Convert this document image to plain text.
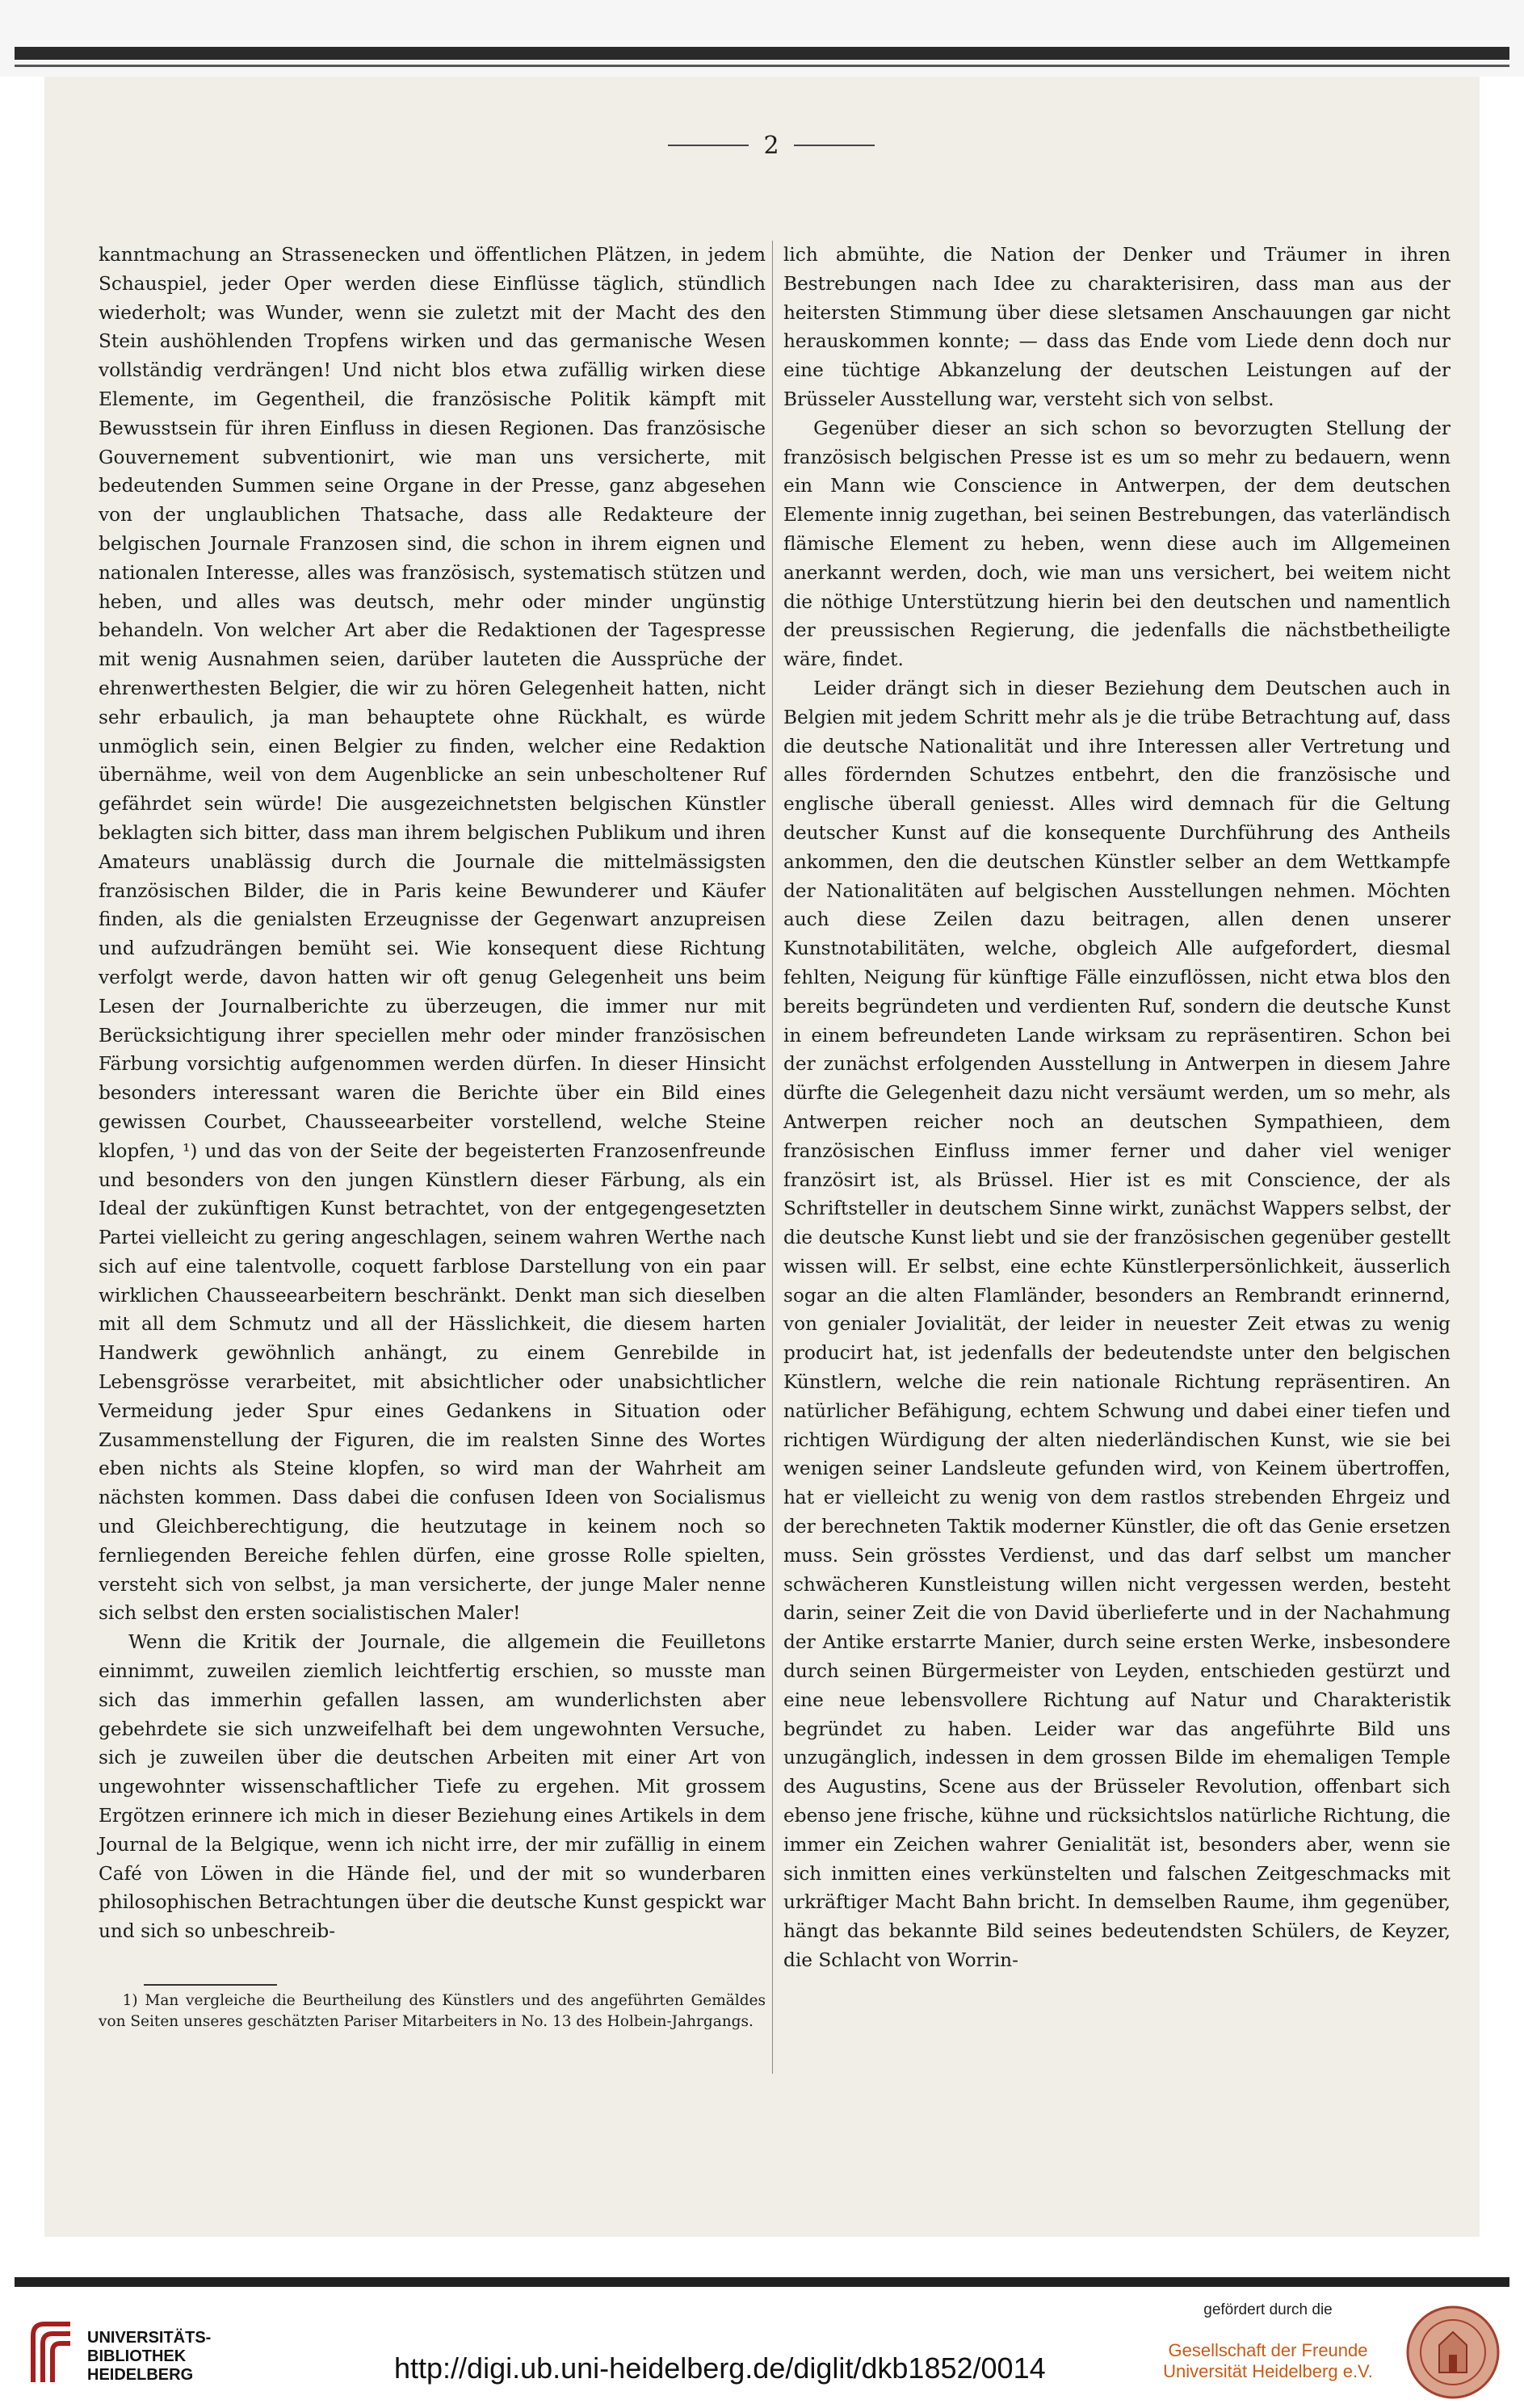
2

kanntmachung an Strassenecken und öffentlichen Plätzen, in jedem Schauspiel, jeder Oper werden diese Einflüsse täglich, stündlich wiederholt; was Wunder, wenn sie zuletzt mit der Macht des den Stein aushöhlenden Tropfens wirken und das germanische Wesen vollständig verdrängen! Und nicht blos etwa zufällig wirken diese Elemente, im Gegentheil, die französische Politik kämpft mit Bewusstsein für ihren Einfluss in diesen Regionen. Das französische Gouvernement subventionirt, wie man uns versicherte, mit bedeutenden Summen seine Organe in der Presse, ganz abgesehen von der unglaublichen Thatsache, dass alle Redakteure der belgischen Journale Franzosen sind, die schon in ihrem eignen und nationalen Interesse, alles was französisch, systematisch stützen und heben, und alles was deutsch, mehr oder minder ungünstig behandeln. Von welcher Art aber die Redaktionen der Tagespresse mit wenig Ausnahmen seien, darüber lauteten die Aussprüche der ehrenwerthesten Belgier, die wir zu hören Gelegenheit hatten, nicht sehr erbaulich, ja man behauptete ohne Rückhalt, es würde unmöglich sein, einen Belgier zu finden, welcher eine Redaktion übernähme, weil von dem Augenblicke an sein unbescholtener Ruf gefährdet sein würde! Die ausgezeichnetsten belgischen Künstler beklagten sich bitter, dass man ihrem belgischen Publikum und ihren Amateurs unablässig durch die Journale die mittelmässigsten französischen Bilder, die in Paris keine Bewunderer und Käufer finden, als die genialsten Erzeugnisse der Gegenwart anzupreisen und aufzudrängen bemüht sei. Wie konsequent diese Richtung verfolgt werde, davon hatten wir oft genug Gelegenheit uns beim Lesen der Journalberichte zu überzeugen, die immer nur mit Berücksichtigung ihrer speciellen mehr oder minder französischen Färbung vorsichtig aufgenommen werden dürfen. In dieser Hinsicht besonders interessant waren die Berichte über ein Bild eines gewissen Courbet, Chausseearbeiter vorstellend, welche Steine klopfen, ¹) und das von der Seite der begeisterten Franzosenfreunde und besonders von den jungen Künstlern dieser Färbung, als ein Ideal der zukünftigen Kunst betrachtet, von der entgegengesetzten Partei vielleicht zu gering angeschlagen, seinem wahren Werthe nach sich auf eine talentvolle, coquett farblose Darstellung von ein paar wirklichen Chausseearbeitern beschränkt. Denkt man sich dieselben mit all dem Schmutz und all der Hässlichkeit, die diesem harten Handwerk gewöhnlich anhängt, zu einem Genrebilde in Lebensgrösse verarbeitet, mit absichtlicher oder unabsichtlicher Vermeidung jeder Spur eines Gedankens in Situation oder Zusammenstellung der Figuren, die im realsten Sinne des Wortes eben nichts als Steine klopfen, so wird man der Wahrheit am nächsten kommen. Dass dabei die confusen Ideen von Socialismus und Gleichberechtigung, die heutzutage in keinem noch so fernliegenden Bereiche fehlen dürfen, eine grosse Rolle spielten, versteht sich von selbst, ja man versicherte, der junge Maler nenne sich selbst den ersten socialistischen Maler!

Wenn die Kritik der Journale, die allgemein die Feuilletons einnimmt, zuweilen ziemlich leichtfertig erschien, so musste man sich das immerhin gefallen lassen, am wunderlichsten aber gebehrdete sie sich unzweifelhaft bei dem ungewohnten Versuche, sich je zuweilen über die deutschen Arbeiten mit einer Art von ungewohnter wissenschaftlicher Tiefe zu ergehen. Mit grossem Ergötzen erinnere ich mich in dieser Beziehung eines Artikels in dem Journal de la Belgique, wenn ich nicht irre, der mir zufällig in einem Café von Löwen in die Hände fiel, und der mit so wunderbaren philosophischen Betrachtungen über die deutsche Kunst gespickt war und sich so unbeschreib-

lich abmühte, die Nation der Denker und Träumer in ihren Bestrebungen nach Idee zu charakterisiren, dass man aus der heitersten Stimmung über diese sletsamen Anschauungen gar nicht herauskommen konnte; — dass das Ende vom Liede denn doch nur eine tüchtige Abkanzelung der deutschen Leistungen auf der Brüsseler Ausstellung war, versteht sich von selbst.

Gegenüber dieser an sich schon so bevorzugten Stellung der französisch belgischen Presse ist es um so mehr zu bedauern, wenn ein Mann wie Conscience in Antwerpen, der dem deutschen Elemente innig zugethan, bei seinen Bestrebungen, das vaterländisch flämische Element zu heben, wenn diese auch im Allgemeinen anerkannt werden, doch, wie man uns versichert, bei weitem nicht die nöthige Unterstützung hierin bei den deutschen und namentlich der preussischen Regierung, die jedenfalls die nächstbetheiligte wäre, findet.

Leider drängt sich in dieser Beziehung dem Deutschen auch in Belgien mit jedem Schritt mehr als je die trübe Betrachtung auf, dass die deutsche Nationalität und ihre Interessen aller Vertretung und alles fördernden Schutzes entbehrt, den die französische und englische überall geniesst. Alles wird demnach für die Geltung deutscher Kunst auf die konsequente Durchführung des Antheils ankommen, den die deutschen Künstler selber an dem Wettkampfe der Nationalitäten auf belgischen Ausstellungen nehmen. Möchten auch diese Zeilen dazu beitragen, allen denen unserer Kunstnotabilitäten, welche, obgleich Alle aufgefordert, diesmal fehlten, Neigung für künftige Fälle einzuflössen, nicht etwa blos den bereits begründeten und verdienten Ruf, sondern die deutsche Kunst in einem befreundeten Lande wirksam zu repräsentiren. Schon bei der zunächst erfolgenden Ausstellung in Antwerpen in diesem Jahre dürfte die Gelegenheit dazu nicht versäumt werden, um so mehr, als Antwerpen reicher noch an deutschen Sympathieen, dem französischen Einfluss immer ferner und daher viel weniger französirt ist, als Brüssel. Hier ist es mit Conscience, der als Schriftsteller in deutschem Sinne wirkt, zunächst Wappers selbst, der die deutsche Kunst liebt und sie der französischen gegenüber gestellt wissen will. Er selbst, eine echte Künstlerpersönlichkeit, äusserlich sogar an die alten Flamländer, besonders an Rembrandt erinnernd, von genialer Jovialität, der leider in neuester Zeit etwas zu wenig producirt hat, ist jedenfalls der bedeutendste unter den belgischen Künstlern, welche die rein nationale Richtung repräsentiren. An natürlicher Befähigung, echtem Schwung und dabei einer tiefen und richtigen Würdigung der alten niederländischen Kunst, wie sie bei wenigen seiner Landsleute gefunden wird, von Keinem übertroffen, hat er vielleicht zu wenig von dem rastlos strebenden Ehrgeiz und der berechneten Taktik moderner Künstler, die oft das Genie ersetzen muss. Sein grösstes Verdienst, und das darf selbst um mancher schwächeren Kunstleistung willen nicht vergessen werden, besteht darin, seiner Zeit die von David überlieferte und in der Nachahmung der Antike erstarrte Manier, durch seine ersten Werke, insbesondere durch seinen Bürgermeister von Leyden, entschieden gestürzt und eine neue lebensvollere Richtung auf Natur und Charakteristik begründet zu haben. Leider war das angeführte Bild uns unzugänglich, indessen in dem grossen Bilde im ehemaligen Temple des Augustins, Scene aus der Brüsseler Revolution, offenbart sich ebenso jene frische, kühne und rücksichtslos natürliche Richtung, die immer ein Zeichen wahrer Genialität ist, besonders aber, wenn sie sich inmitten eines verkünstelten und falschen Zeitgeschmacks mit urkräftiger Macht Bahn bricht. In demselben Raume, ihm gegenüber, hängt das bekannte Bild seines bedeutendsten Schülers, de Keyzer, die Schlacht von Worrin-

1) Man vergleiche die Beurtheilung des Künstlers und des angeführten Gemäldes von Seiten unseres geschätzten Pariser Mitarbeiters in No. 13 des Holbein-Jahrgangs.

UNIVERSITÄTS-
BIBLIOTHEK
HEIDELBERG	http://digi.ub.uni-heidelberg.de/diglit/dkb1852/0014
gefördert durch die
Gesellschaft der Freunde
Universität Heidelberg e.V.
